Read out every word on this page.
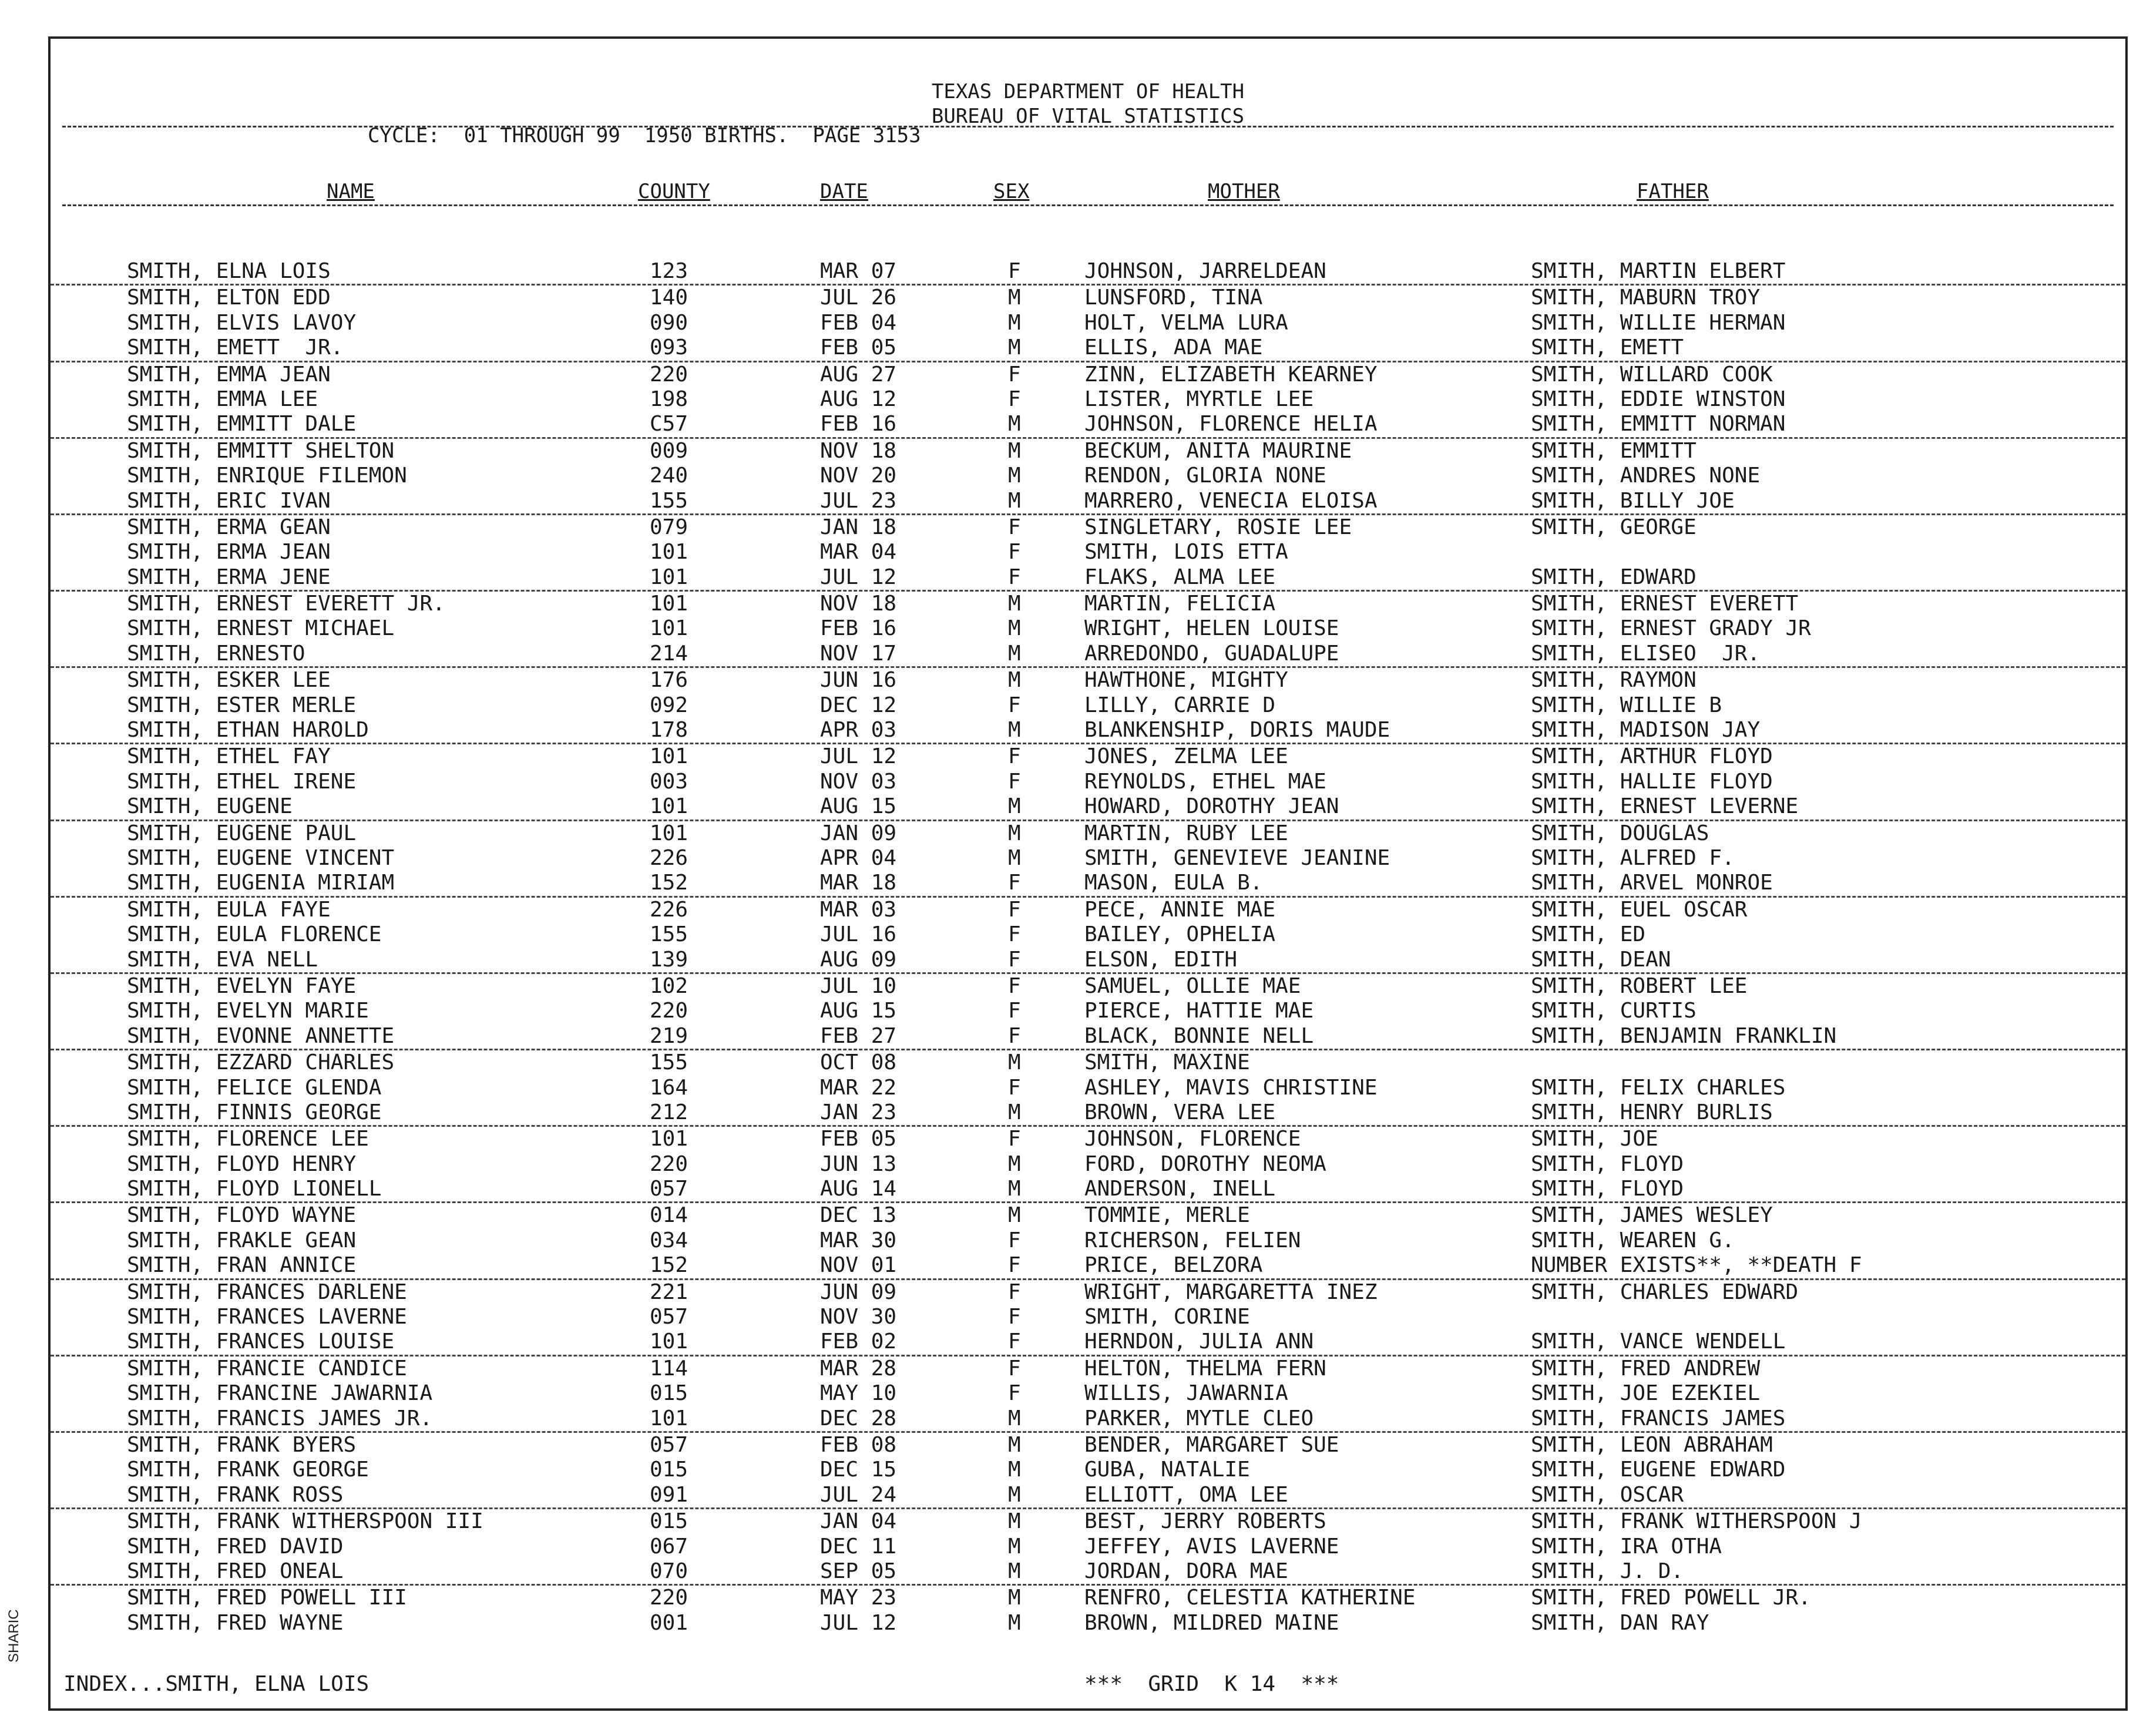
TEXAS DEPARTMENT OF HEALTH
BUREAU OF VITAL STATISTICS
CYCLE:  01 THROUGH 99  1950 BIRTHS.  PAGE 3153
NAME	COUNTY	DATE	SEX	MOTHER	FATHER
SMITH, ELNA LOIS	123	MAR 07	F	JOHNSON, JARRELDEAN	SMITH, MARTIN ELBERT
SMITH, ELTON EDD	140	JUL 26	M	LUNSFORD, TINA	SMITH, MABURN TROY
SMITH, ELVIS LAVOY	090	FEB 04	M	HOLT, VELMA LURA	SMITH, WILLIE HERMAN
SMITH, EMETT  JR.	093	FEB 05	M	ELLIS, ADA MAE	SMITH, EMETT
SMITH, EMMA JEAN	220	AUG 27	F	ZINN, ELIZABETH KEARNEY	SMITH, WILLARD COOK
SMITH, EMMA LEE	198	AUG 12	F	LISTER, MYRTLE LEE	SMITH, EDDIE WINSTON
SMITH, EMMITT DALE	C57	FEB 16	M	JOHNSON, FLORENCE HELIA	SMITH, EMMITT NORMAN
SMITH, EMMITT SHELTON	009	NOV 18	M	BECKUM, ANITA MAURINE	SMITH, EMMITT
SMITH, ENRIQUE FILEMON	240	NOV 20	M	RENDON, GLORIA NONE	SMITH, ANDRES NONE
SMITH, ERIC IVAN	155	JUL 23	M	MARRERO, VENECIA ELOISA	SMITH, BILLY JOE
SMITH, ERMA GEAN	079	JAN 18	F	SINGLETARY, ROSIE LEE	SMITH, GEORGE
SMITH, ERMA JEAN	101	MAR 04	F	SMITH, LOIS ETTA
SMITH, ERMA JENE	101	JUL 12	F	FLAKS, ALMA LEE	SMITH, EDWARD
SMITH, ERNEST EVERETT JR.	101	NOV 18	M	MARTIN, FELICIA	SMITH, ERNEST EVERETT
SMITH, ERNEST MICHAEL	101	FEB 16	M	WRIGHT, HELEN LOUISE	SMITH, ERNEST GRADY JR
SMITH, ERNESTO	214	NOV 17	M	ARREDONDO, GUADALUPE	SMITH, ELISEO  JR.
SMITH, ESKER LEE	176	JUN 16	M	HAWTHONE, MIGHTY	SMITH, RAYMON
SMITH, ESTER MERLE	092	DEC 12	F	LILLY, CARRIE D	SMITH, WILLIE B
SMITH, ETHAN HAROLD	178	APR 03	M	BLANKENSHIP, DORIS MAUDE	SMITH, MADISON JAY
SMITH, ETHEL FAY	101	JUL 12	F	JONES, ZELMA LEE	SMITH, ARTHUR FLOYD
SMITH, ETHEL IRENE	003	NOV 03	F	REYNOLDS, ETHEL MAE	SMITH, HALLIE FLOYD
SMITH, EUGENE	101	AUG 15	M	HOWARD, DOROTHY JEAN	SMITH, ERNEST LEVERNE
SMITH, EUGENE PAUL	101	JAN 09	M	MARTIN, RUBY LEE	SMITH, DOUGLAS
SMITH, EUGENE VINCENT	226	APR 04	M	SMITH, GENEVIEVE JEANINE	SMITH, ALFRED F.
SMITH, EUGENIA MIRIAM	152	MAR 18	F	MASON, EULA B.	SMITH, ARVEL MONROE
SMITH, EULA FAYE	226	MAR 03	F	PECE, ANNIE MAE	SMITH, EUEL OSCAR
SMITH, EULA FLORENCE	155	JUL 16	F	BAILEY, OPHELIA	SMITH, ED
SMITH, EVA NELL	139	AUG 09	F	ELSON, EDITH	SMITH, DEAN
SMITH, EVELYN FAYE	102	JUL 10	F	SAMUEL, OLLIE MAE	SMITH, ROBERT LEE
SMITH, EVELYN MARIE	220	AUG 15	F	PIERCE, HATTIE MAE	SMITH, CURTIS
SMITH, EVONNE ANNETTE	219	FEB 27	F	BLACK, BONNIE NELL	SMITH, BENJAMIN FRANKLIN
SMITH, EZZARD CHARLES	155	OCT 08	M	SMITH, MAXINE
SMITH, FELICE GLENDA	164	MAR 22	F	ASHLEY, MAVIS CHRISTINE	SMITH, FELIX CHARLES
SMITH, FINNIS GEORGE	212	JAN 23	M	BROWN, VERA LEE	SMITH, HENRY BURLIS
SMITH, FLORENCE LEE	101	FEB 05	F	JOHNSON, FLORENCE	SMITH, JOE
SMITH, FLOYD HENRY	220	JUN 13	M	FORD, DOROTHY NEOMA	SMITH, FLOYD
SMITH, FLOYD LIONELL	057	AUG 14	M	ANDERSON, INELL	SMITH, FLOYD
SMITH, FLOYD WAYNE	014	DEC 13	M	TOMMIE, MERLE	SMITH, JAMES WESLEY
SMITH, FRAKLE GEAN	034	MAR 30	F	RICHERSON, FELIEN	SMITH, WEAREN G.
SMITH, FRAN ANNICE	152	NOV 01	F	PRICE, BELZORA	NUMBER EXISTS**, **DEATH F
SMITH, FRANCES DARLENE	221	JUN 09	F	WRIGHT, MARGARETTA INEZ	SMITH, CHARLES EDWARD
SMITH, FRANCES LAVERNE	057	NOV 30	F	SMITH, CORINE
SMITH, FRANCES LOUISE	101	FEB 02	F	HERNDON, JULIA ANN	SMITH, VANCE WENDELL
SMITH, FRANCIE CANDICE	114	MAR 28	F	HELTON, THELMA FERN	SMITH, FRED ANDREW
SMITH, FRANCINE JAWARNIA	015	MAY 10	F	WILLIS, JAWARNIA	SMITH, JOE EZEKIEL
SMITH, FRANCIS JAMES JR.	101	DEC 28	M	PARKER, MYTLE CLEO	SMITH, FRANCIS JAMES
SMITH, FRANK BYERS	057	FEB 08	M	BENDER, MARGARET SUE	SMITH, LEON ABRAHAM
SMITH, FRANK GEORGE	015	DEC 15	M	GUBA, NATALIE	SMITH, EUGENE EDWARD
SMITH, FRANK ROSS	091	JUL 24	M	ELLIOTT, OMA LEE	SMITH, OSCAR
SMITH, FRANK WITHERSPOON III	015	JAN 04	M	BEST, JERRY ROBERTS	SMITH, FRANK WITHERSPOON J
SMITH, FRED DAVID	067	DEC 11	M	JEFFEY, AVIS LAVERNE	SMITH, IRA OTHA
SMITH, FRED ONEAL	070	SEP 05	M	JORDAN, DORA MAE	SMITH, J. D.
SMITH, FRED POWELL III	220	MAY 23	M	RENFRO, CELESTIA KATHERINE	SMITH, FRED POWELL JR.
SMITH, FRED WAYNE	001	JUL 12	M	BROWN, MILDRED MAINE	SMITH, DAN RAY
INDEX...SMITH, ELNA LOIS	***  GRID  K 14  ***
SHARIC
